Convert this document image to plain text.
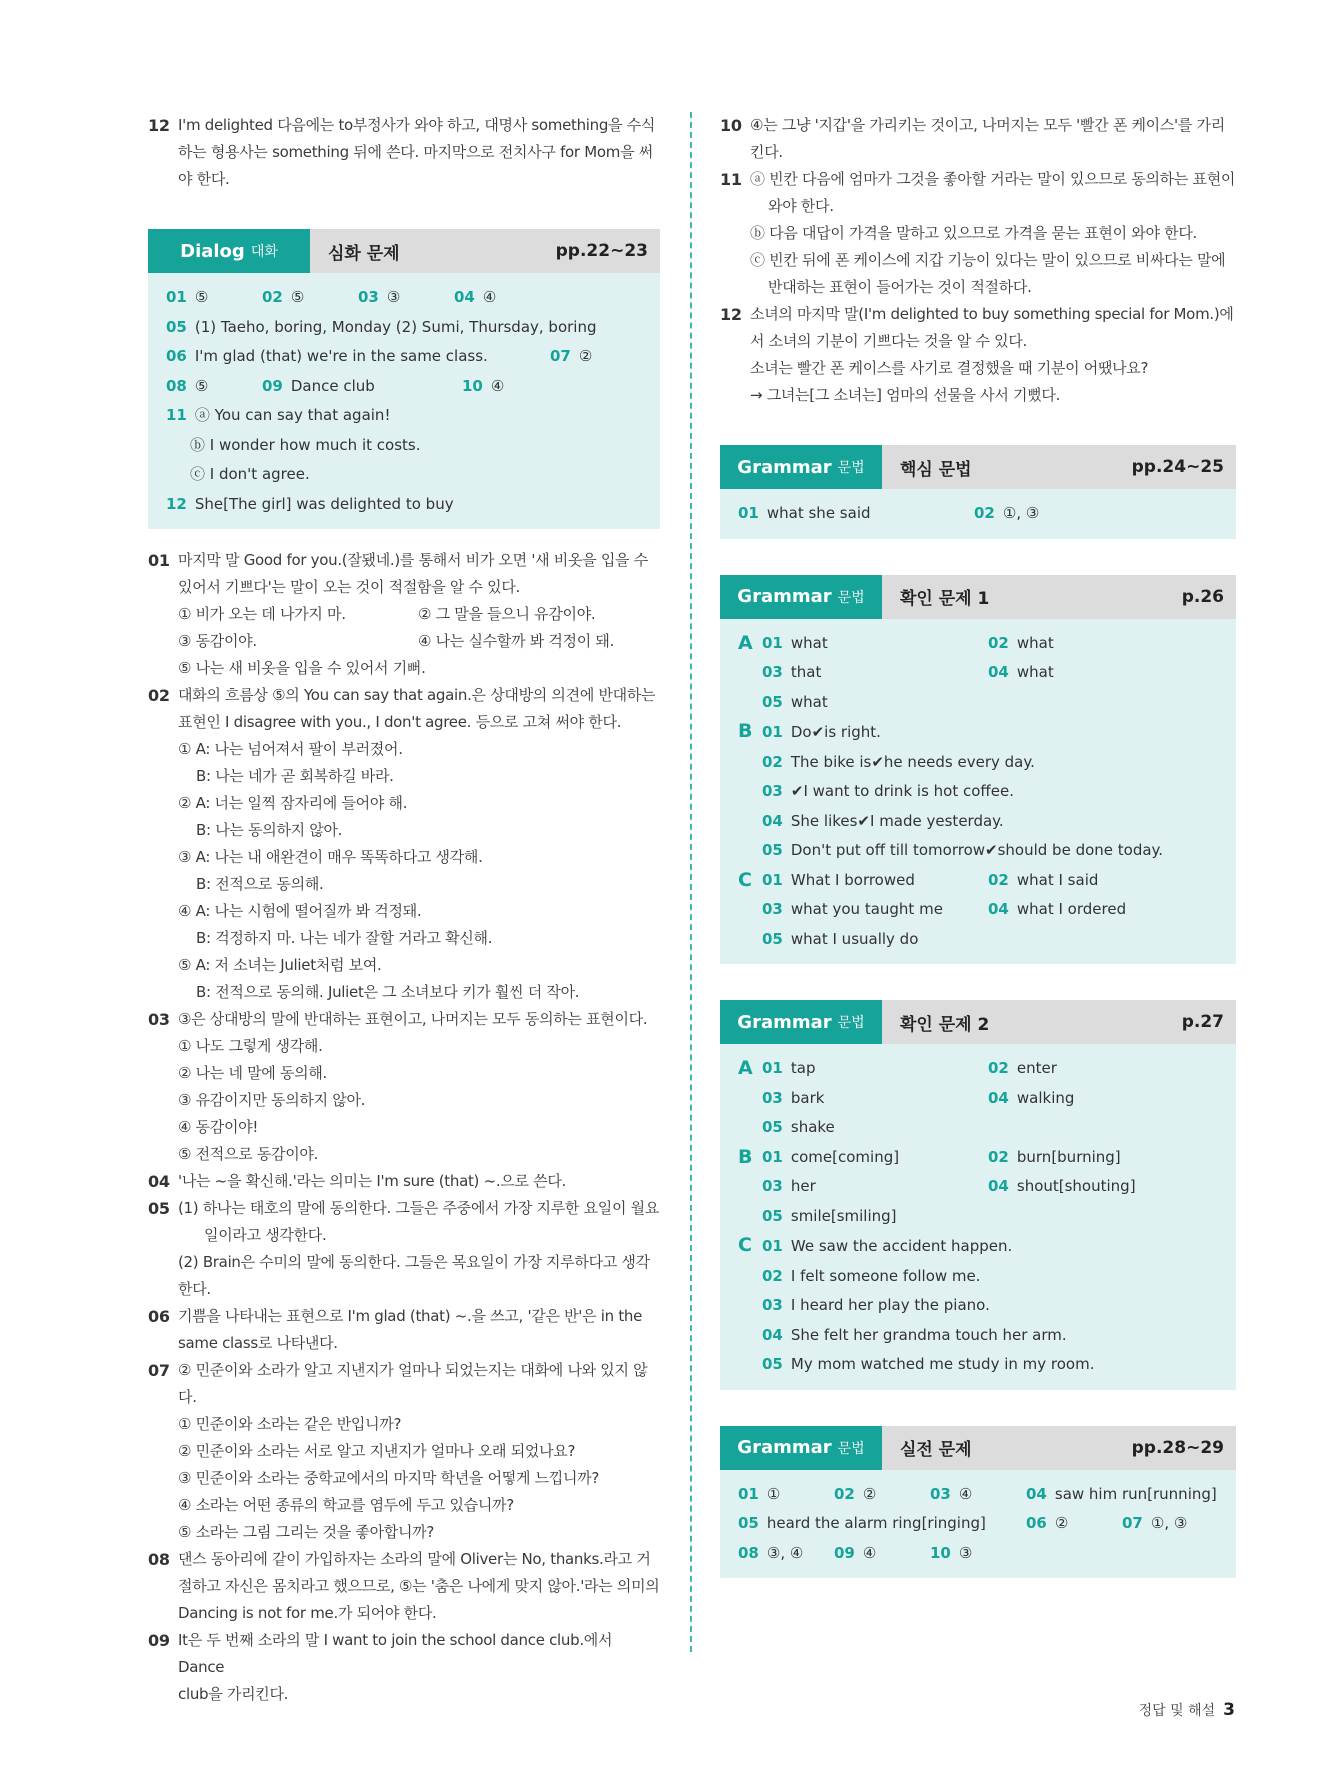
12 I'm delighted 다음에는 to부정사가 와야 하고, 대명사 something을 수식
하는 형용사는 something 뒤에 쓴다. 마지막으로 전치사구 for Mom을 써
야 한다.
Dialog 대화	심화 문제	pp.22~23
01 ⑤	02 ⑤	03 ③	04 ④
05 (1) Taeho, boring, Monday (2) Sumi, Thursday, boring
06 I'm glad (that) we're in the same class.	07 ②
08 ⑤	09 Dance club	10 ④
11 ⓐ You can say that again!
ⓑ I wonder how much it costs.
ⓒ I don't agree.
12 She[The girl] was delighted to buy
01 마지막 말 Good for you.(잘됐네.)를 통해서 비가 오면 '새 비옷을 입을 수
있어서 기쁘다'는 말이 오는 것이 적절함을 알 수 있다.
① 비가 오는 데 나가지 마.	② 그 말을 들으니 유감이야.
③ 동감이야.	④ 나는 실수할까 봐 걱정이 돼.
⑤ 나는 새 비옷을 입을 수 있어서 기뻐.
02 대화의 흐름상 ⑤의 You can say that again.은 상대방의 의견에 반대하는
표현인 I disagree with you., I don't agree. 등으로 고쳐 써야 한다.
① A: 나는 넘어져서 팔이 부러졌어.
B: 나는 네가 곧 회복하길 바라.
② A: 너는 일찍 잠자리에 들어야 해.
B: 나는 동의하지 않아.
③ A: 나는 내 애완견이 매우 똑똑하다고 생각해.
B: 전적으로 동의해.
④ A: 나는 시험에 떨어질까 봐 걱정돼.
B: 걱정하지 마. 나는 네가 잘할 거라고 확신해.
⑤ A: 저 소녀는 Juliet처럼 보여.
B: 전적으로 동의해. Juliet은 그 소녀보다 키가 훨씬 더 작아.
03 ③은 상대방의 말에 반대하는 표현이고, 나머지는 모두 동의하는 표현이다.
① 나도 그렇게 생각해.
② 나는 네 말에 동의해.
③ 유감이지만 동의하지 않아.
④ 동감이야!
⑤ 전적으로 동감이야.
04 '나는 ~을 확신해.'라는 의미는 I'm sure (that) ~.으로 쓴다.
05 (1) 하나는 태호의 말에 동의한다. 그들은 주중에서 가장 지루한 요일이 월요
일이라고 생각한다.
(2) Brain은 수미의 말에 동의한다. 그들은 목요일이 가장 지루하다고 생각한다.
06 기쁨을 나타내는 표현으로 I'm glad (that) ~.을 쓰고, '같은 반'은 in the
same class로 나타낸다.
07 ② 민준이와 소라가 알고 지낸지가 얼마나 되었는지는 대화에 나와 있지 않다.
① 민준이와 소라는 같은 반입니까?
② 민준이와 소라는 서로 알고 지낸지가 얼마나 오래 되었나요?
③ 민준이와 소라는 중학교에서의 마지막 학년을 어떻게 느낍니까?
④ 소라는 어떤 종류의 학교를 염두에 두고 있습니까?
⑤ 소라는 그림 그리는 것을 좋아합니까?
08 댄스 동아리에 같이 가입하자는 소라의 말에 Oliver는 No, thanks.라고 거
절하고 자신은 몸치라고 했으므로, ⑤는 '춤은 나에게 맞지 않아.'라는 의미의
Dancing is not for me.가 되어야 한다.
09 It은 두 번째 소라의 말 I want to join the school dance club.에서 Dance
club을 가리킨다.
10 ④는 그냥 '지갑'을 가리키는 것이고, 나머지는 모두 '빨간 폰 케이스'를 가리
킨다.
11 ⓐ 빈칸 다음에 엄마가 그것을 좋아할 거라는 말이 있으므로 동의하는 표현이
와야 한다.
ⓑ 다음 대답이 가격을 말하고 있으므로 가격을 묻는 표현이 와야 한다.
ⓒ 빈칸 뒤에 폰 케이스에 지갑 기능이 있다는 말이 있으므로 비싸다는 말에
반대하는 표현이 들어가는 것이 적절하다.
12 소녀의 마지막 말(I'm delighted to buy something special for Mom.)에
서 소녀의 기분이 기쁘다는 것을 알 수 있다.
소녀는 빨간 폰 케이스를 사기로 결정했을 때 기분이 어땠나요?
→ 그녀는[그 소녀는] 엄마의 선물을 사서 기뻤다.
Grammar 문법 핵심 문법	pp.24~25
01 what she said	02 ①, ③
Grammar 문법 확인 문제 1	p.26
A 01 what	02 what
03 that	04 what
05 what
B 01 Do✔is right.
02 The bike is✔he needs every day.
03 ✔I want to drink is hot coffee.
04 She likes✔I made yesterday.
05 Don't put off till tomorrow✔should be done today.
C 01 What I borrowed	02 what I said
03 what you taught me	04 what I ordered
05 what I usually do
Grammar 문법 확인 문제 2	p.27
A 01 tap	02 enter
03 bark	04 walking
05 shake
B 01 come[coming]	02 burn[burning]
03 her	04 shout[shouting]
05 smile[smiling]
C 01 We saw the accident happen.
02 I felt someone follow me.
03 I heard her play the piano.
04 She felt her grandma touch her arm.
05 My mom watched me study in my room.
Grammar 문법 실전 문제	pp.28~29
01 ①	02 ②	03 ④	04 saw him run[running]
05 heard the alarm ring[ringing]	06 ②	07 ①, ③
08 ③, ④	09 ④	10 ③
정답 및 해설 3
